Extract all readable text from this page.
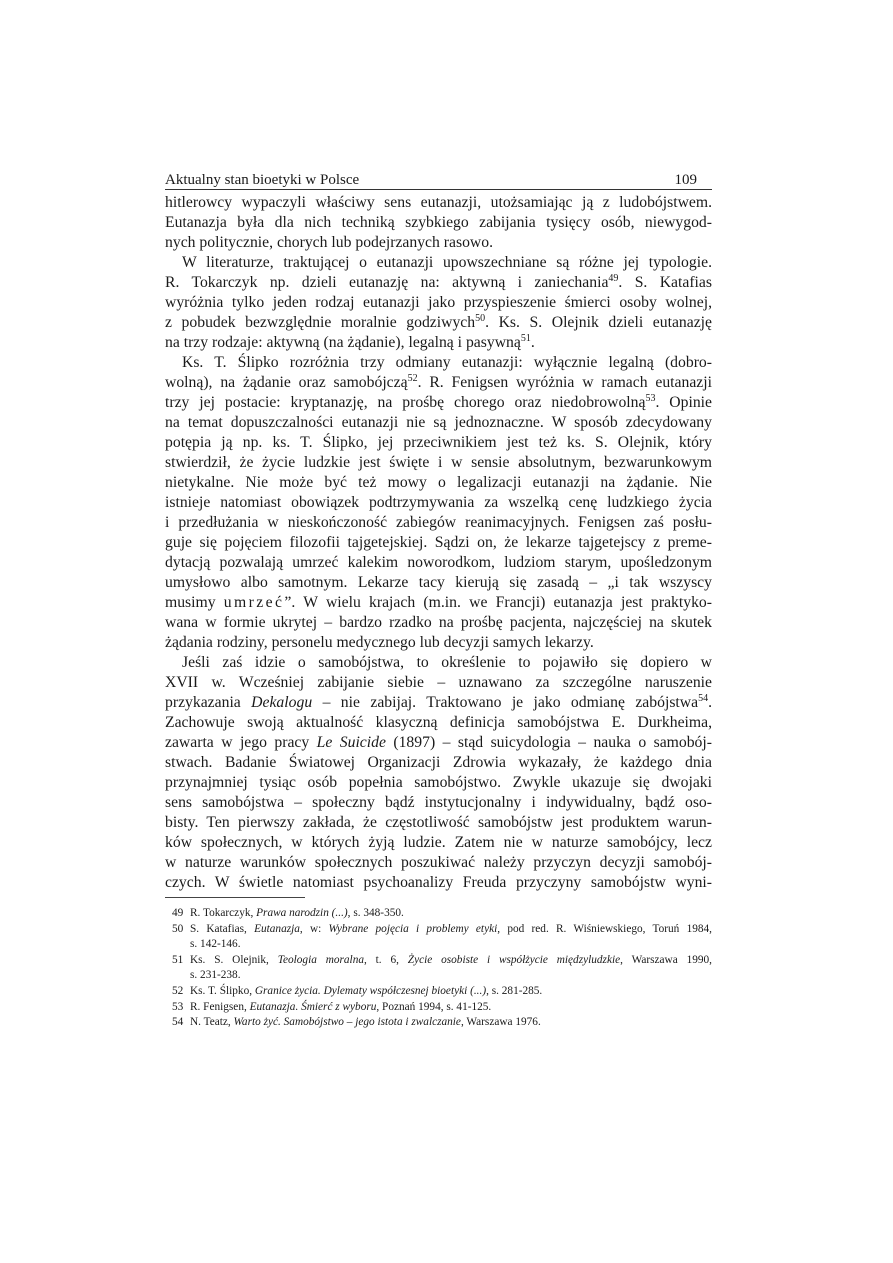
Aktualny stan bioetyki w Polsce	109
hitlerowcy wypaczyli właściwy sens eutanazji, utożsamiając ją z ludobójstwem.
Eutanazja była dla nich techniką szybkiego zabijania tysięcy osób, niewygod-
nych politycznie, chorych lub podejrzanych rasowo.
W literaturze, traktującej o eutanazji upowszechniane są różne jej typologie.
R. Tokarczyk np. dzieli eutanazję na: aktywną i zaniechania$^{49}$. S. Katafias
wyróżnia tylko jeden rodzaj eutanazji jako przyspieszenie śmierci osoby wolnej,
z pobudek bezwzględnie moralnie godziwych$^{50}$. Ks. S. Olejnik dzieli eutanazję
na trzy rodzaje: aktywną (na żądanie), legalną i pasywną$^{51}$.
Ks. T. Ślipko rozróżnia trzy odmiany eutanazji: wyłącznie legalną (dobro-
wolną), na żądanie oraz samobójczą$^{52}$. R. Fenigsen wyróżnia w ramach eutanazji
trzy jej postacie: kryptanazję, na prośbę chorego oraz niedobrowolną$^{53}$. Opinie
na temat dopuszczalności eutanazji nie są jednoznaczne. W sposób zdecydowany
potępia ją np. ks. T. Ślipko, jej przeciwnikiem jest też ks. S. Olejnik, który
stwierdził, że życie ludzkie jest święte i w sensie absolutnym, bezwarunkowym
nietykalne. Nie może być też mowy o legalizacji eutanazji na żądanie. Nie
istnieje natomiast obowiązek podtrzymywania za wszelką cenę ludzkiego życia
i przedłużania w nieskończoność zabiegów reanimacyjnych. Fenigsen zaś posłu-
guje się pojęciem filozofii tajgetejskiej. Sądzi on, że lekarze tajgetejscy z preme-
dytacją pozwalają umrzeć kalekim noworodkom, ludziom starym, upośledzonym
umysłowo albo samotnym. Lekarze tacy kierują się zasadą – „i tak wszyscy
musimy umrzeć”. W wielu krajach (m.in. we Francji) eutanazja jest praktyko-
wana w formie ukrytej – bardzo rzadko na prośbę pacjenta, najczęściej na skutek
żądania rodziny, personelu medycznego lub decyzji samych lekarzy.
Jeśli zaś idzie o samobójstwa, to określenie to pojawiło się dopiero w
XVII w. Wcześniej zabijanie siebie – uznawano za szczególne naruszenie
przykazania Dekalogu – nie zabijaj. Traktowano je jako odmianę zabójstwa$^{54}$.
Zachowuje swoją aktualność klasyczną definicja samobójstwa E. Durkheima,
zawarta w jego pracy Le Suicide (1897) – stąd suicydologia – nauka o samobój-
stwach. Badanie Światowej Organizacji Zdrowia wykazały, że każdego dnia
przynajmniej tysiąc osób popełnia samobójstwo. Zwykle ukazuje się dwojaki
sens samobójstwa – społeczny bądź instytucjonalny i indywidualny, bądź oso-
bisty. Ten pierwszy zakłada, że częstotliwość samobójstw jest produktem warun-
ków społecznych, w których żyją ludzie. Zatem nie w naturze samobójcy, lecz
w naturze warunków społecznych poszukiwać należy przyczyn decyzji samobój-
czych. W świetle natomiast psychoanalizy Freuda przyczyny samobójstw wyni-
49 R. Tokarczyk, Prawa narodzin (...), s. 348-350.
50 S. Katafias, Eutanazja, w: Wybrane pojęcia i problemy etyki, pod red. R. Wiśniewskiego, Toruń 1984,
s. 142-146.
51 Ks. S. Olejnik, Teologia moralna, t. 6, Życie osobiste i współżycie międzyludzkie, Warszawa 1990,
s. 231-238.
52 Ks. T. Ślipko, Granice życia. Dylematy współczesnej bioetyki (...), s. 281-285.
53 R. Fenigsen, Eutanazja. Śmierć z wyboru, Poznań 1994, s. 41-125.
54 N. Teatz, Warto żyć. Samobójstwo – jego istota i zwalczanie, Warszawa 1976.
